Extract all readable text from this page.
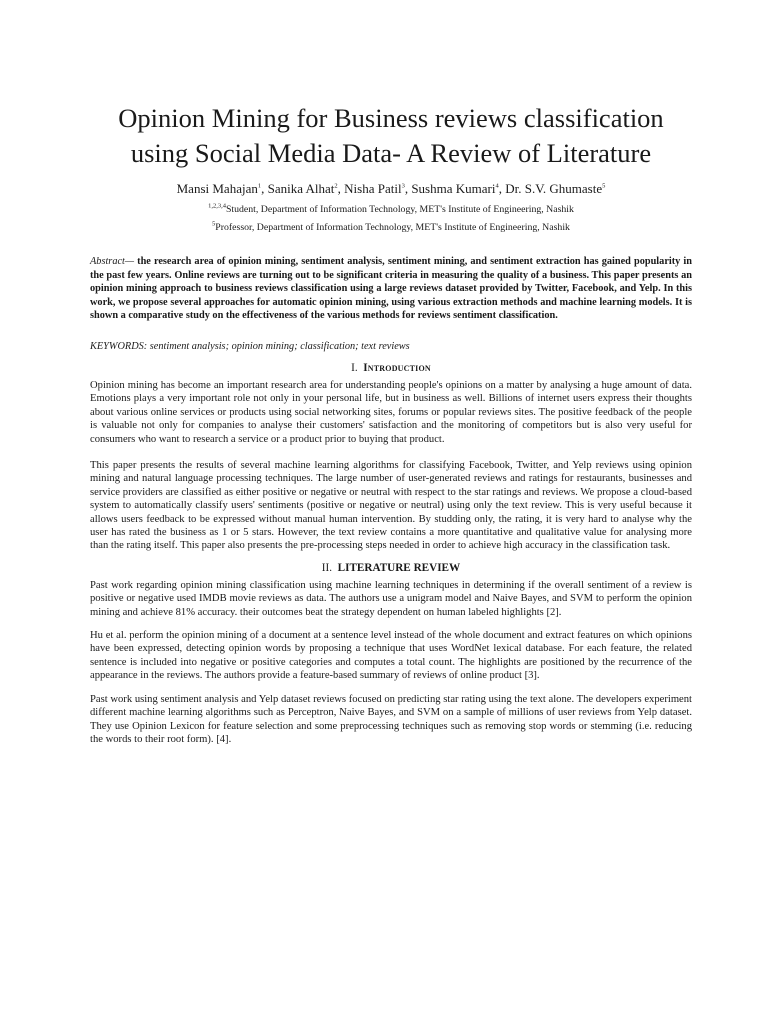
Opinion Mining for Business reviews classification using Social Media Data- A Review of Literature
Mansi Mahajan$^1$, Sanika Alhat$^2$, Nisha Patil$^3$, Sushma Kumari$^4$, Dr. S.V. Ghumaste$^5$
$^{1,2,3,4}$Student, Department of Information Technology, MET's Institute of Engineering, Nashik
$^5$Professor, Department of Information Technology, MET's Institute of Engineering, Nashik

Abstract— the research area of opinion mining, sentiment analysis, sentiment mining, and sentiment extraction has gained popularity in the past few years. Online reviews are turning out to be significant criteria in measuring the quality of a business. This paper presents an opinion mining approach to business reviews classification using a large reviews dataset provided by Twitter, Facebook, and Yelp. In this work, we propose several approaches for automatic opinion mining, using various extraction methods and machine learning models. It is shown a comparative study on the effectiveness of the various methods for reviews sentiment classification.

KEYWORDS: sentiment analysis; opinion mining; classification; text reviews

I. Introduction

Opinion mining has become an important research area for understanding people's opinions on a matter by analysing a huge amount of data. Emotions plays a very important role not only in your personal life, but in business as well. Billions of internet users express their thoughts about various online services or products using social networking sites, forums or popular reviews sites. The positive feedback of the people is valuable not only for companies to analyse their customers' satisfaction and the monitoring of competitors but is also very useful for consumers who want to research a service or a product prior to buying that product.

This paper presents the results of several machine learning algorithms for classifying Facebook, Twitter, and Yelp reviews using opinion mining and natural language processing techniques. The large number of user-generated reviews and ratings for restaurants, businesses and service providers are classified as either positive or negative or neutral with respect to the star ratings and reviews. We propose a cloud-based system to automatically classify users' sentiments (positive or negative or neutral) using only the text review. This is very useful because it allows users feedback to be expressed without manual human intervention. By studding only, the rating, it is very hard to analyse why the user has rated the business as 1 or 5 stars. However, the text review contains a more quantitative and qualitative value for analysing more than the rating itself. This paper also presents the pre-processing steps needed in order to achieve high accuracy in the classification task.

II. LITERATURE REVIEW

Past work regarding opinion mining classification using machine learning techniques in determining if the overall sentiment of a review is positive or negative used IMDB movie reviews as data. The authors use a unigram model and Naive Bayes, and SVM to perform the opinion mining and achieve 81% accuracy. their outcomes beat the strategy dependent on human labeled highlights [2].

Hu et al. perform the opinion mining of a document at a sentence level instead of the whole document and extract features on which opinions have been expressed, detecting opinion words by proposing a technique that uses WordNet lexical database. For each feature, the related sentence is included into negative or positive categories and computes a total count. The highlights are positioned by the recurrence of the appearance in the reviews. The authors provide a feature-based summary of reviews of online product [3].

Past work using sentiment analysis and Yelp dataset reviews focused on predicting star rating using the text alone. The developers experiment different machine learning algorithms such as Perceptron, Naive Bayes, and SVM on a sample of millions of user reviews from Yelp dataset. They use Opinion Lexicon for feature selection and some preprocessing techniques such as removing stop words or stemming (i.e. reducing the words to their root form). [4].
